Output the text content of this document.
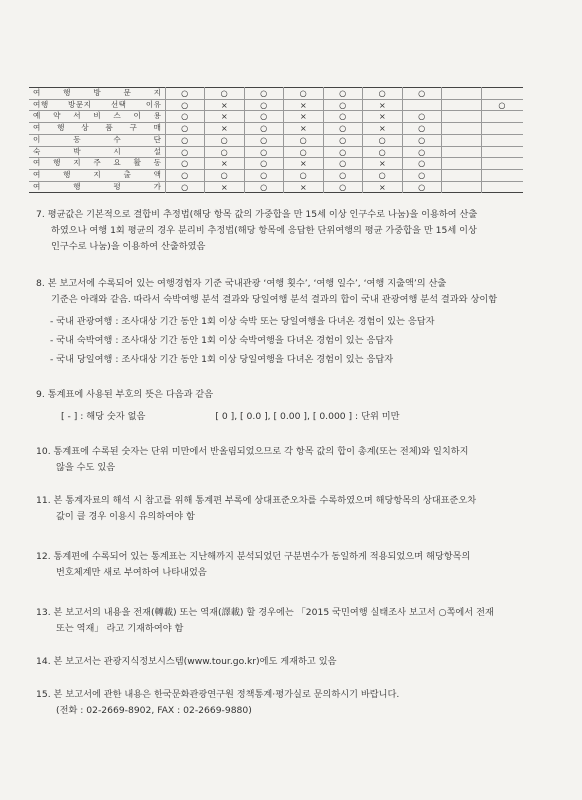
여 행 방 문 지	○	○	○	○	○	○	○		
여행 방문지 선택 이유	○	×	○	×	○	×			○
예 약 서 비 스 이 용	○	×	○	×	○	×	○		
여 행 상 품 구 매	○	×	○	×	○	×	○		
이 동 수 단	○	○	○	○	○	○	○		
숙 박 시 설	○	○	○	○	○	○	○		
여 행 지 주 요 활 동	○	×	○	×	○	×	○		
여 행 지 출 액	○	○	○	○	○	○	○		
여 행 평 가	○	×	○	×	○	×	○		
7. 평균값은 기본적으로 결합비 추정법(해당 항목 값의 가중합을 만 15세 이상 인구수로 나눔)을 이용하여 산출
하였으나 여행 1회 평균의 경우 분리비 추정법(해당 항목에 응답한 단위여행의 평균 가중합을 만 15세 이상
인구수로 나눔)을 이용하여 산출하였음
8. 본 보고서에 수록되어 있는 여행경험자 기준 국내관광 ‘여행 횟수’, ‘여행 일수’, ‘여행 지출액’의 산출
기준은 아래와 같음. 따라서 숙박여행 분석 결과와 당일여행 분석 결과의 합이 국내 관광여행 분석 결과와 상이함
- 국내 관광여행 : 조사대상 기간 동안 1회 이상 숙박 또는 당일여행을 다녀온 경험이 있는 응답자
- 국내 숙박여행 : 조사대상 기간 동안 1회 이상 숙박여행을 다녀온 경험이 있는 응답자
- 국내 당일여행 : 조사대상 기간 동안 1회 이상 당일여행을 다녀온 경험이 있는 응답자
9. 통계표에 사용된 부호의 뜻은 다음과 같음
[ - ] : 해당 숫자 없음	[ 0 ], [ 0.0 ], [ 0.00 ], [ 0.000 ] : 단위 미만
10. 통계표에 수록된 숫자는 단위 미만에서 반올림되었으므로 각 항목 값의 합이 총계(또는 전체)와 일치하지
않을 수도 있음
11. 본 통계자료의 해석 시 참고를 위해 통계편 부록에 상대표준오차를 수록하였으며 해당항목의 상대표준오차
값이 클 경우 이용시 유의하여야 함
12. 통계편에 수록되어 있는 통계표는 지난해까지 분석되었던 구분변수가 동일하게 적용되었으며 해당항목의
번호체계만 새로 부여하여 나타내었음
13. 본 보고서의 내용을 전재(轉載) 또는 역재(譯載) 할 경우에는 「2015 국민여행 실태조사 보고서 ○쪽에서 전재
또는 역재」 라고 기재하여야 함
14. 본 보고서는 관광지식정보시스템(www.tour.go.kr)에도 게재하고 있음
15. 본 보고서에 관한 내용은 한국문화관광연구원 정책통계·평가실로 문의하시기 바랍니다.
(전화 : 02-2669-8902, FAX : 02-2669-9880)
